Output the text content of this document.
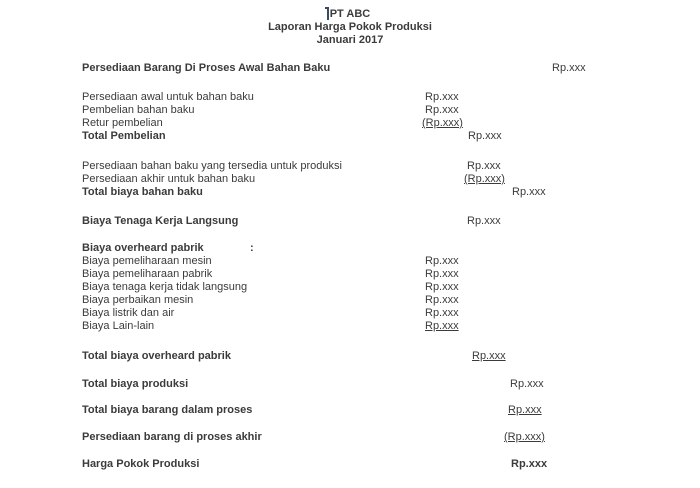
PT ABC
Laporan Harga Pokok Produksi
Januari 2017
Persediaan Barang Di Proses Awal Bahan Baku	Rp.xxx
Persediaan awal untuk bahan baku	Rp.xxx
Pembelian bahan baku	Rp.xxx
Retur pembelian	(Rp.xxx)
Total Pembelian	Rp.xxx
Persediaan bahan baku yang tersedia untuk produksi	Rp.xxx
Persediaan akhir untuk bahan baku	(Rp.xxx)
Total biaya bahan baku	Rp.xxx
Biaya Tenaga Kerja Langsung	Rp.xxx
Biaya overheard pabrik	:
Biaya pemeliharaan mesin	Rp.xxx
Biaya pemeliharaan pabrik	Rp.xxx
Biaya tenaga kerja tidak langsung	Rp.xxx
Biaya perbaikan mesin	Rp.xxx
Biaya listrik dan air	Rp.xxx
Biaya Lain-lain	Rp.xxx
Total biaya overheard pabrik	Rp.xxx
Total biaya produksi	Rp.xxx
Total biaya barang dalam proses	Rp.xxx
Persediaan barang di proses akhir	(Rp.xxx)
Harga Pokok Produksi	Rp.xxx
